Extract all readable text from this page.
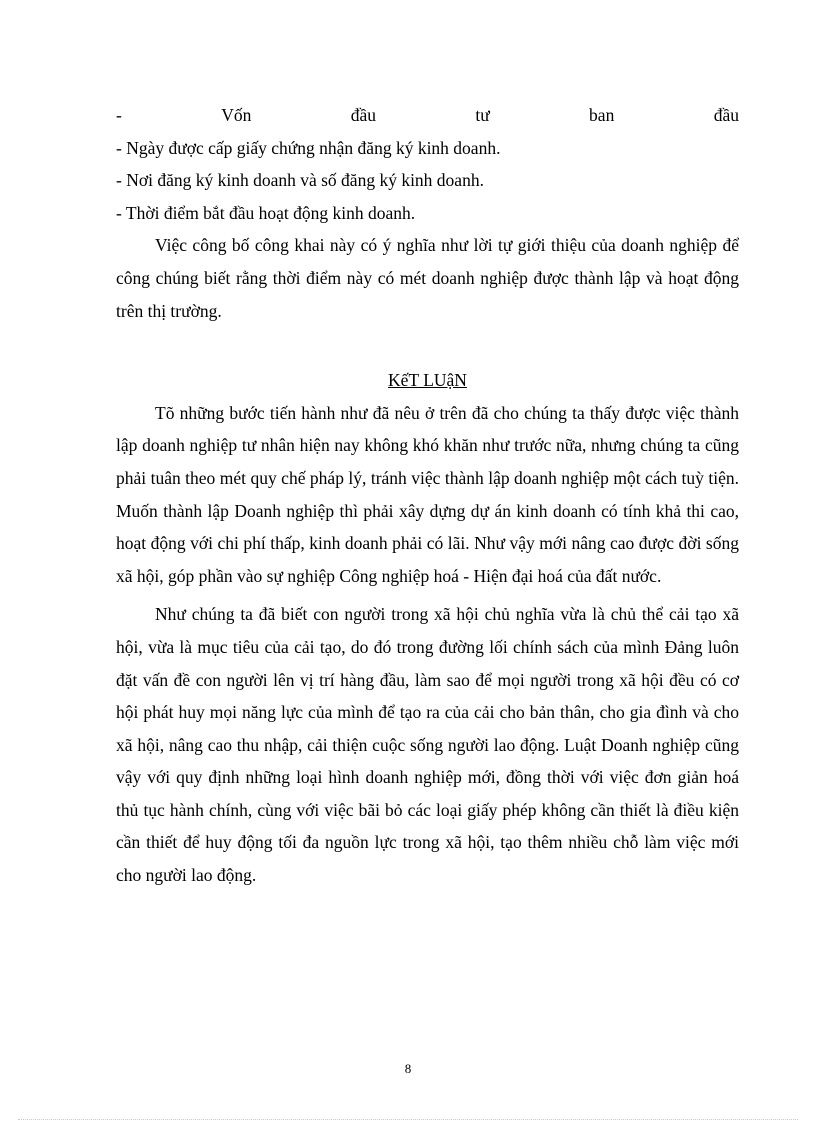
-	Vốn	đầu	tư	ban	đầu
- Ngày được cấp giấy chứng nhận đăng ký kinh doanh.
- Nơi đăng ký kinh doanh và số đăng ký kinh doanh.
- Thời điểm bắt đầu hoạt động kinh doanh.

Việc công bố công khai này có ý nghĩa như lời tự giới thiệu của doanh nghiệp để công chúng biết rằng thời điểm này có mét doanh nghiệp được thành lập và hoạt động trên thị trường.

KếT LUậN

Tõ những bước tiến hành như đã nêu ở trên đã cho chúng ta thấy được việc thành lập doanh nghiệp tư nhân hiện nay không khó khăn như trước nữa, nhưng chúng ta cũng phải tuân theo mét quy chế pháp lý, tránh việc thành lập doanh nghiệp một cách tuỳ tiện. Muốn thành lập Doanh nghiệp thì phải xây dựng dự án kinh doanh có tính khả thi cao, hoạt động với chi phí thấp, kinh doanh phải có lãi. Như vậy mới nâng cao được đời sống xã hội, góp phần vào sự nghiệp Công nghiệp hoá - Hiện đại hoá của đất nước.

Như chúng ta đã biết con người trong xã hội chủ nghĩa vừa là chủ thể cải tạo xã hội, vừa là mục tiêu của cải tạo, do đó trong đường lối chính sách của mình Đảng luôn đặt vấn đề con người lên vị trí hàng đầu, làm sao để mọi người trong xã hội đều có cơ hội phát huy mọi năng lực của mình để tạo ra của cải cho bản thân, cho gia đình và cho xã hội, nâng cao thu nhập, cải thiện cuộc sống người lao động. Luật Doanh nghiệp cũng vậy với quy định những loại hình doanh nghiệp mới, đồng thời với việc đơn giản hoá thủ tục hành chính, cùng với việc bãi bỏ các loại giấy phép không cần thiết là điều kiện cần thiết để huy động tối đa nguồn lực trong xã hội, tạo thêm nhiều chỗ làm việc mới cho người lao động.

8
